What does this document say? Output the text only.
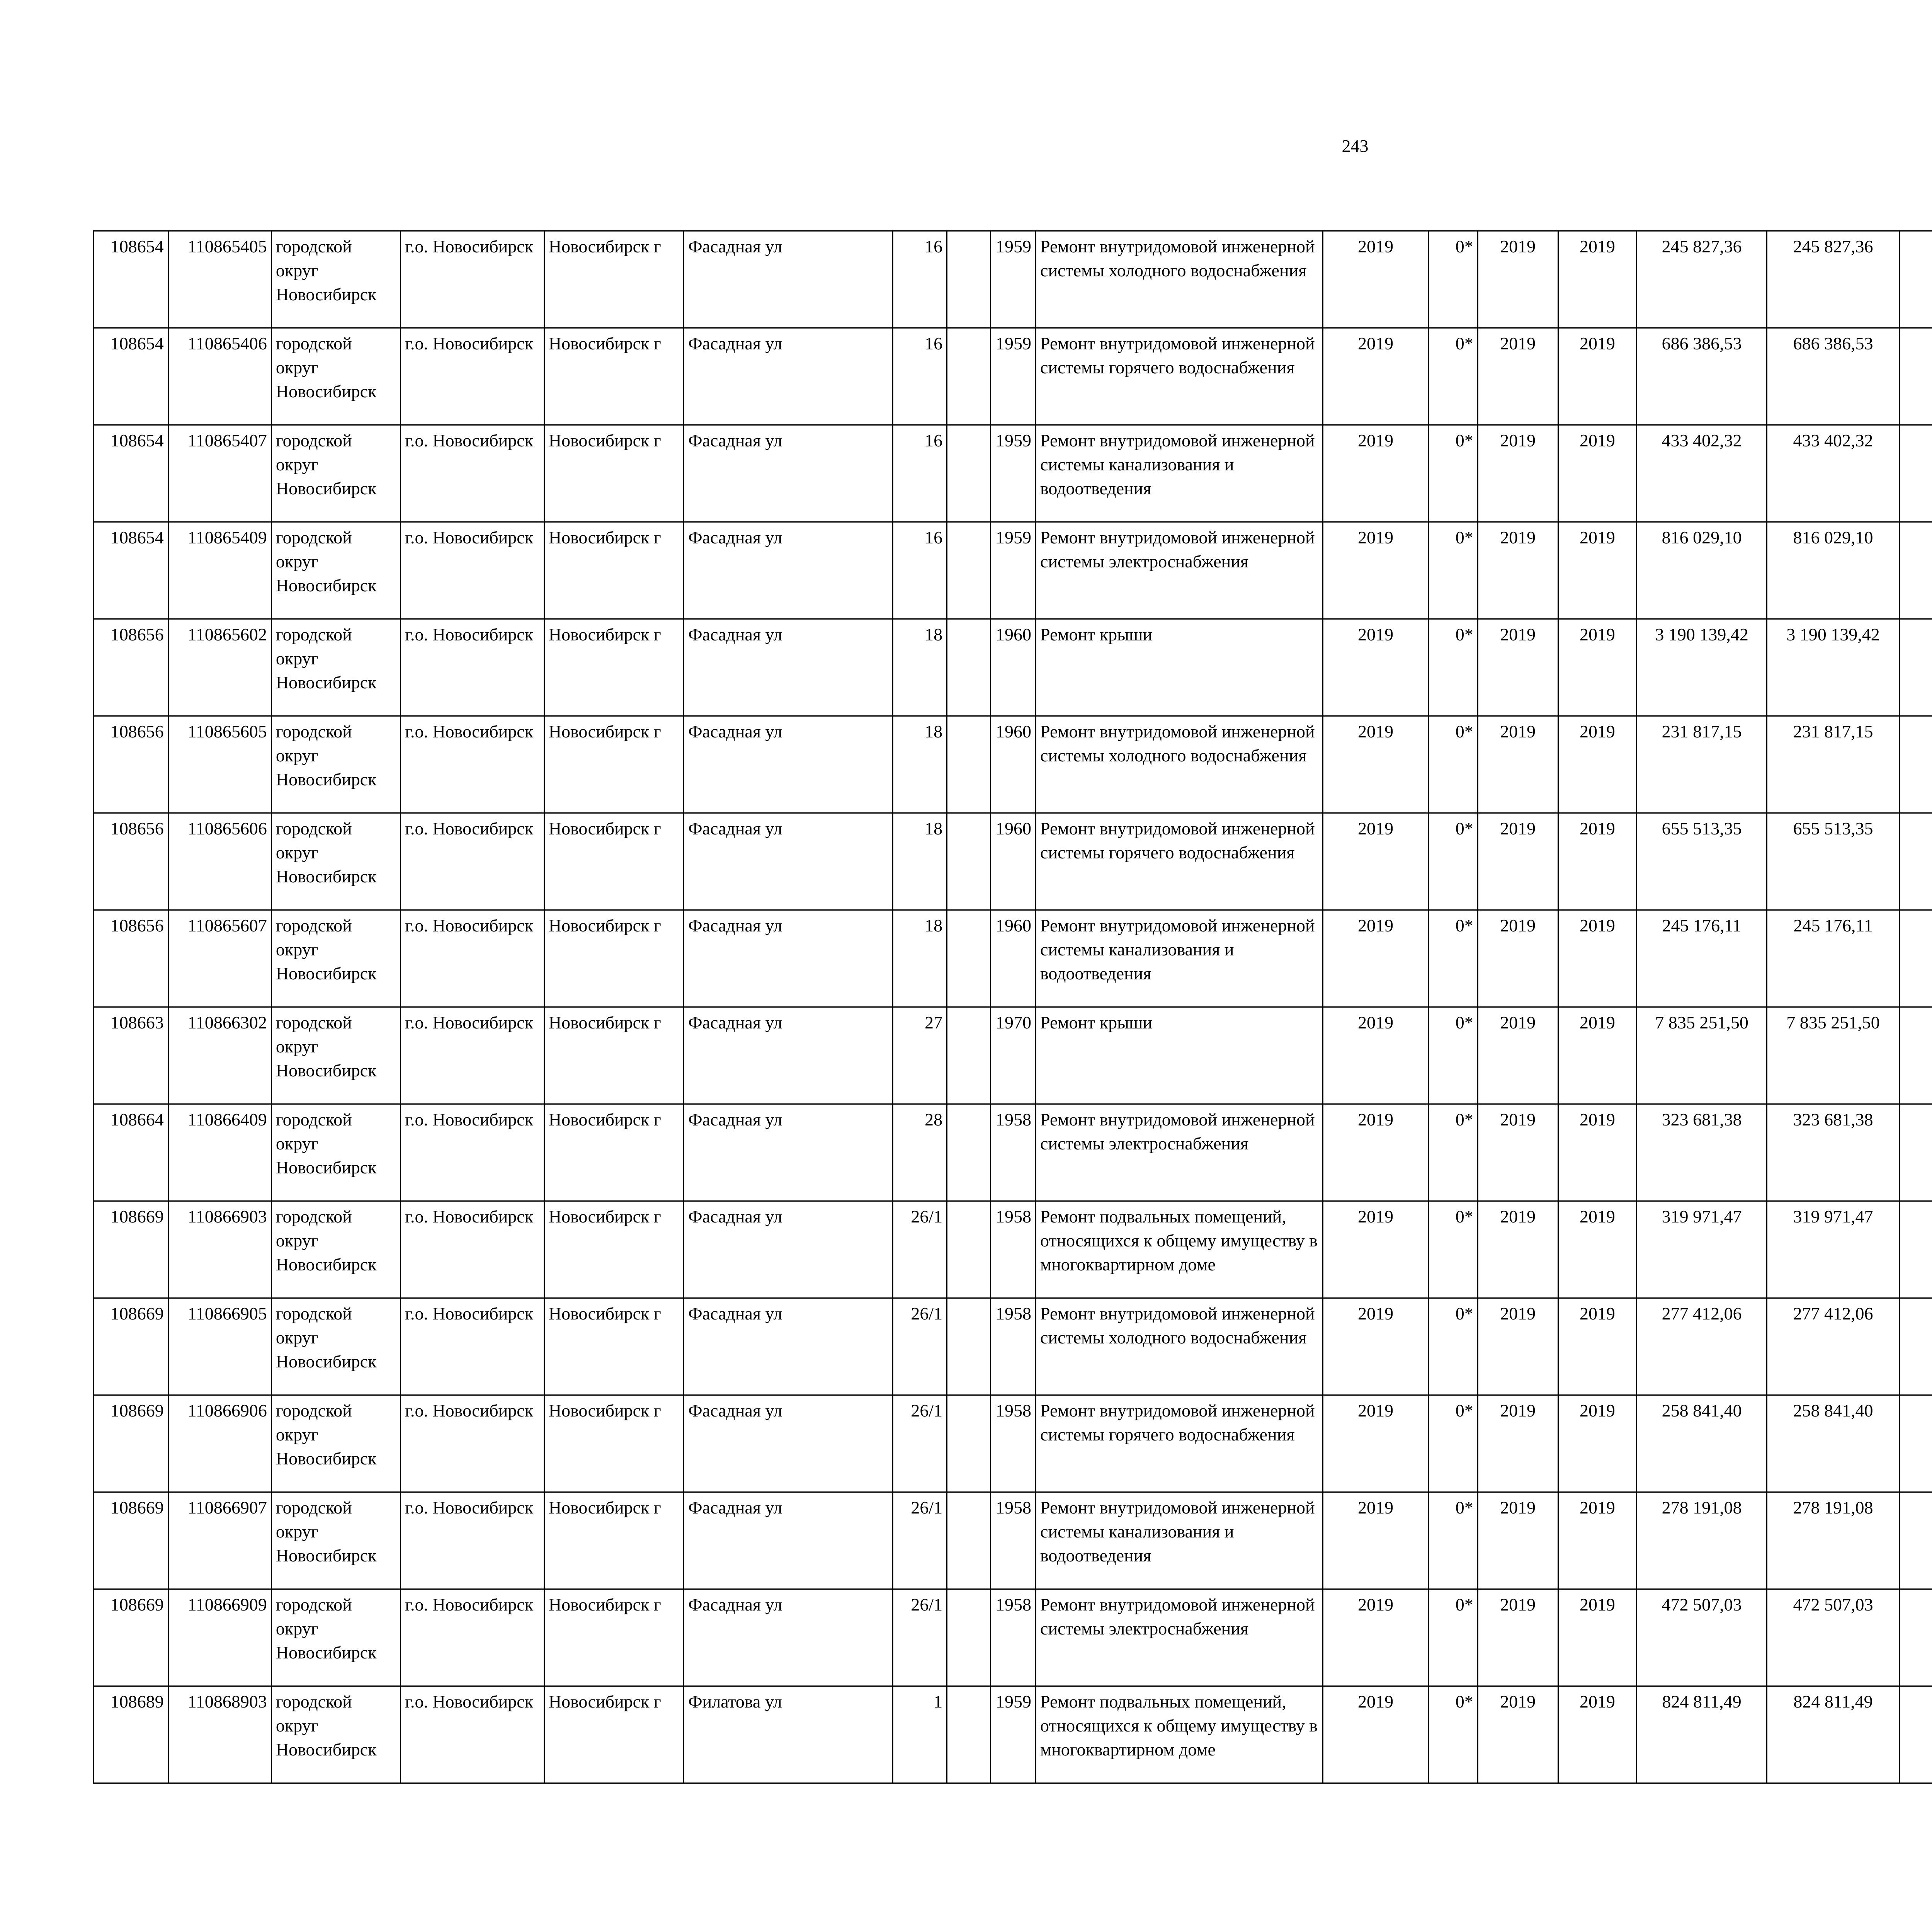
243
108654	110865405	городской округ Новосибирск	г.о. Новосибирск	Новосибирск г	Фасадная ул	16		1959	Ремонт внутридомовой инженерной системы холодного водоснабжения	2019	0*	2019	2019	245 827,36	245 827,36						
108654	110865406	городской округ Новосибирск	г.о. Новосибирск	Новосибирск г	Фасадная ул	16		1959	Ремонт внутридомовой инженерной системы горячего водоснабжения	2019	0*	2019	2019	686 386,53	686 386,53						
108654	110865407	городской округ Новосибирск	г.о. Новосибирск	Новосибирск г	Фасадная ул	16		1959	Ремонт внутридомовой инженерной системы канализования и водоотведения	2019	0*	2019	2019	433 402,32	433 402,32						
108654	110865409	городской округ Новосибирск	г.о. Новосибирск	Новосибирск г	Фасадная ул	16		1959	Ремонт внутридомовой инженерной системы электроснабжения	2019	0*	2019	2019	816 029,10	816 029,10						
108656	110865602	городской округ Новосибирск	г.о. Новосибирск	Новосибирск г	Фасадная ул	18		1960	Ремонт крыши	2019	0*	2019	2019	3 190 139,42	3 190 139,42						
108656	110865605	городской округ Новосибирск	г.о. Новосибирск	Новосибирск г	Фасадная ул	18		1960	Ремонт внутридомовой инженерной системы холодного водоснабжения	2019	0*	2019	2019	231 817,15	231 817,15						
108656	110865606	городской округ Новосибирск	г.о. Новосибирск	Новосибирск г	Фасадная ул	18		1960	Ремонт внутридомовой инженерной системы горячего водоснабжения	2019	0*	2019	2019	655 513,35	655 513,35						
108656	110865607	городской округ Новосибирск	г.о. Новосибирск	Новосибирск г	Фасадная ул	18		1960	Ремонт внутридомовой инженерной системы канализования и водоотведения	2019	0*	2019	2019	245 176,11	245 176,11						
108663	110866302	городской округ Новосибирск	г.о. Новосибирск	Новосибирск г	Фасадная ул	27		1970	Ремонт крыши	2019	0*	2019	2019	7 835 251,50	7 835 251,50						
108664	110866409	городской округ Новосибирск	г.о. Новосибирск	Новосибирск г	Фасадная ул	28		1958	Ремонт внутридомовой инженерной системы электроснабжения	2019	0*	2019	2019	323 681,38	323 681,38						
108669	110866903	городской округ Новосибирск	г.о. Новосибирск	Новосибирск г	Фасадная ул	26/1		1958	Ремонт подвальных помещений, относящихся к общему имуществу в многоквартирном доме	2019	0*	2019	2019	319 971,47	319 971,47						
108669	110866905	городской округ Новосибирск	г.о. Новосибирск	Новосибирск г	Фасадная ул	26/1		1958	Ремонт внутридомовой инженерной системы холодного водоснабжения	2019	0*	2019	2019	277 412,06	277 412,06						
108669	110866906	городской округ Новосибирск	г.о. Новосибирск	Новосибирск г	Фасадная ул	26/1		1958	Ремонт внутридомовой инженерной системы горячего водоснабжения	2019	0*	2019	2019	258 841,40	258 841,40						
108669	110866907	городской округ Новосибирск	г.о. Новосибирск	Новосибирск г	Фасадная ул	26/1		1958	Ремонт внутридомовой инженерной системы канализования и водоотведения	2019	0*	2019	2019	278 191,08	278 191,08						
108669	110866909	городской округ Новосибирск	г.о. Новосибирск	Новосибирск г	Фасадная ул	26/1		1958	Ремонт внутридомовой инженерной системы электроснабжения	2019	0*	2019	2019	472 507,03	472 507,03						
108689	110868903	городской округ Новосибирск	г.о. Новосибирск	Новосибирск г	Филатова ул	1		1959	Ремонт подвальных помещений, относящихся к общему имуществу в многоквартирном доме	2019	0*	2019	2019	824 811,49	824 811,49						
